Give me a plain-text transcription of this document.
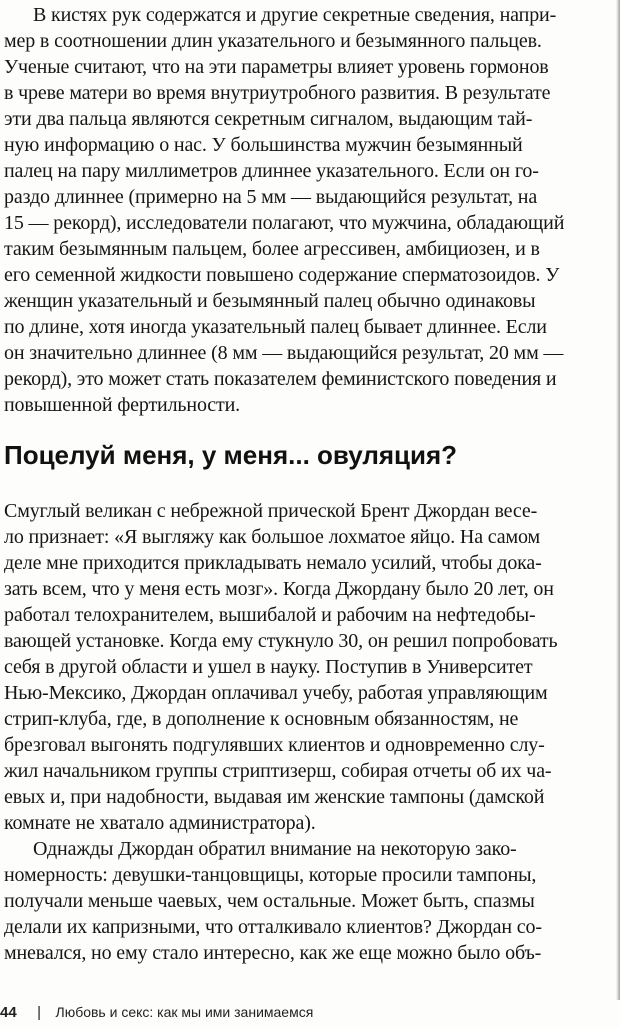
В кистях рук содержатся и другие секретные сведения, напри-
мер в соотношении длин указательного и безымянного пальцев.
Ученые считают, что на эти параметры влияет уровень гормонов
в чреве матери во время внутриутробного развития. В результате
эти два пальца являются секретным сигналом, выдающим тай-
ную информацию о нас. У большинства мужчин безымянный
палец на пару миллиметров длиннее указательного. Если он го-
раздо длиннее (примерно на 5 мм — выдающийся результат, на
15 — рекорд), исследователи полагают, что мужчина, обладающий
таким безымянным пальцем, более агрессивен, амбициозен, и в
его семенной жидкости повышено содержание сперматозоидов. У
женщин указательный и безымянный палец обычно одинаковы
по длине, хотя иногда указательный палец бывает длиннее. Если
он значительно длиннее (8 мм — выдающийся результат, 20 мм —
рекорд), это может стать показателем феминистского поведения и
повышенной фертильности.
Поцелуй меня, у меня... овуляция?
Смуглый великан с небрежной прической Брент Джордан весе-
ло признает: «Я выгляжу как большое лохматое яйцо. На самом
деле мне приходится прикладывать немало усилий, чтобы дока-
зать всем, что у меня есть мозг». Когда Джордану было 20 лет, он
работал телохранителем, вышибалой и рабочим на нефтедобы-
вающей установке. Когда ему стукнуло 30, он решил попробовать
себя в другой области и ушел в науку. Поступив в Университет
Нью-Мексико, Джордан оплачивал учебу, работая управляющим
стрип-клуба, где, в дополнение к основным обязанностям, не
брезговал выгонять подгулявших клиентов и одновременно слу-
жил начальником группы стриптизерш, собирая отчеты об их ча-
евых и, при надобности, выдавая им женские тампоны (дамской
комнате не хватало администратора).
Однажды Джордан обратил внимание на некоторую зако-
номерность: девушки-танцовщицы, которые просили тампоны,
получали меньше чаевых, чем остальные. Может быть, спазмы
делали их капризными, что отталкивало клиентов? Джордан со-
мневался, но ему стало интересно, как же еще можно было объ-
44 | Любовь и секс: как мы ими занимаемся
